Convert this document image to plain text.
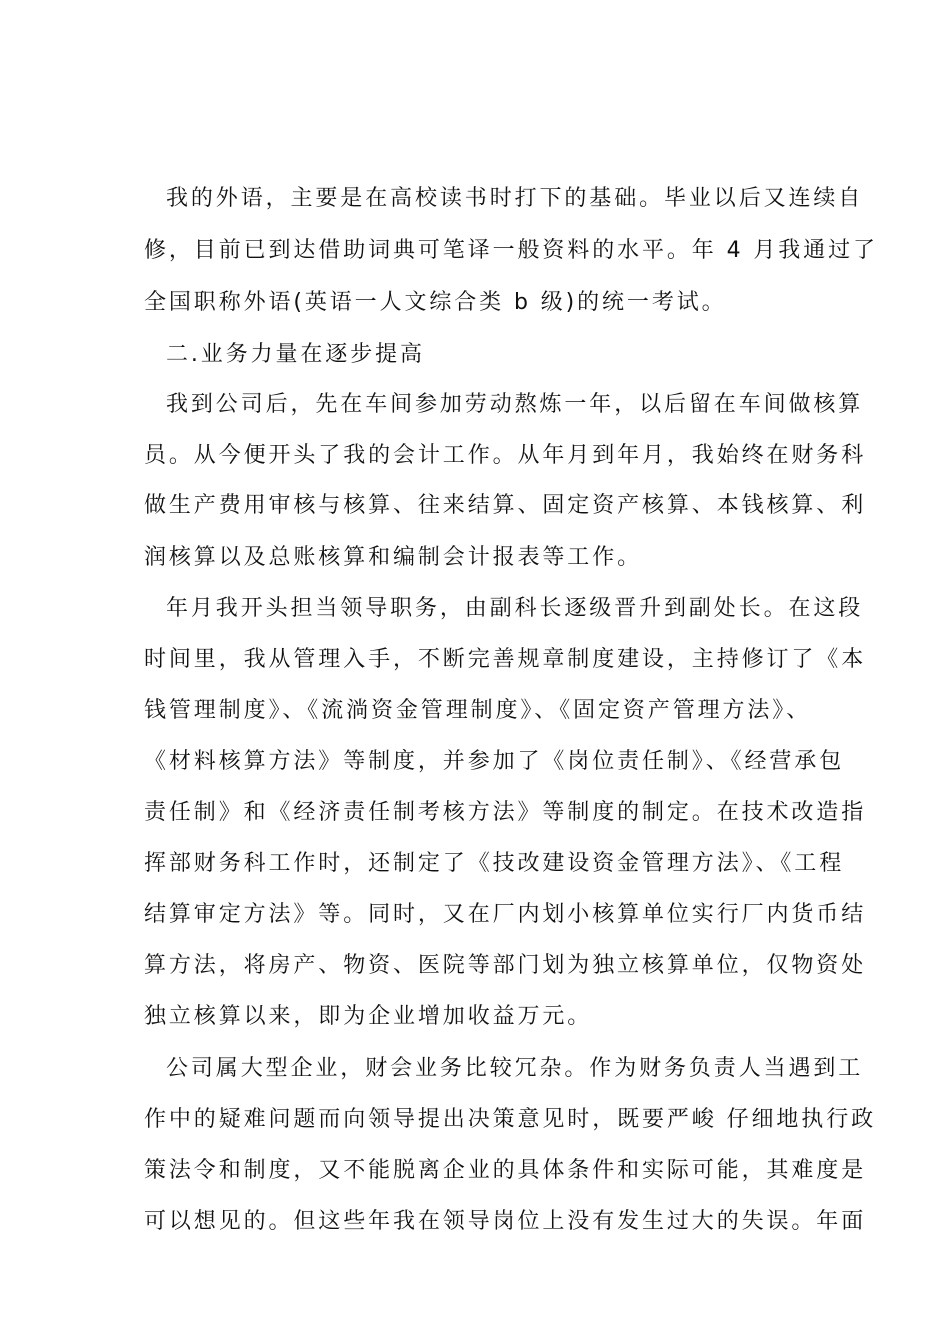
我的外语，主要是在高校读书时打下的基础。毕业以后又连续自
修，目前已到达借助词典可笔译一般资料的水平。年 4 月我通过了
全国职称外语(英语一人文综合类 b 级)的统一考试。
二.业务力量在逐步提高
我到公司后，先在车间参加劳动熬炼一年，以后留在车间做核算
员。从今便开头了我的会计工作。从年月到年月，我始终在财务科
做生产费用审核与核算、往来结算、固定资产核算、本钱核算、利
润核算以及总账核算和编制会计报表等工作。
年月我开头担当领导职务，由副科长逐级晋升到副处长。在这段
时间里，我从管理入手，不断完善规章制度建设，主持修订了《本
钱管理制度》、《流淌资金管理制度》、《固定资产管理方法》、
《材料核算方法》等制度，并参加了《岗位责任制》、《经营承包
责任制》和《经济责任制考核方法》等制度的制定。在技术改造指
挥部财务科工作时，还制定了《技改建设资金管理方法》、《工程
结算审定方法》等。同时，又在厂内划小核算单位实行厂内货币结
算方法，将房产、物资、医院等部门划为独立核算单位，仅物资处
独立核算以来，即为企业增加收益万元。
公司属大型企业，财会业务比较冗杂。作为财务负责人当遇到工
作中的疑难问题而向领导提出决策意见时，既要严峻 仔细地执行政
策法令和制度，又不能脱离企业的具体条件和实际可能，其难度是
可以想见的。但这些年我在领导岗位上没有发生过大的失误。年面
